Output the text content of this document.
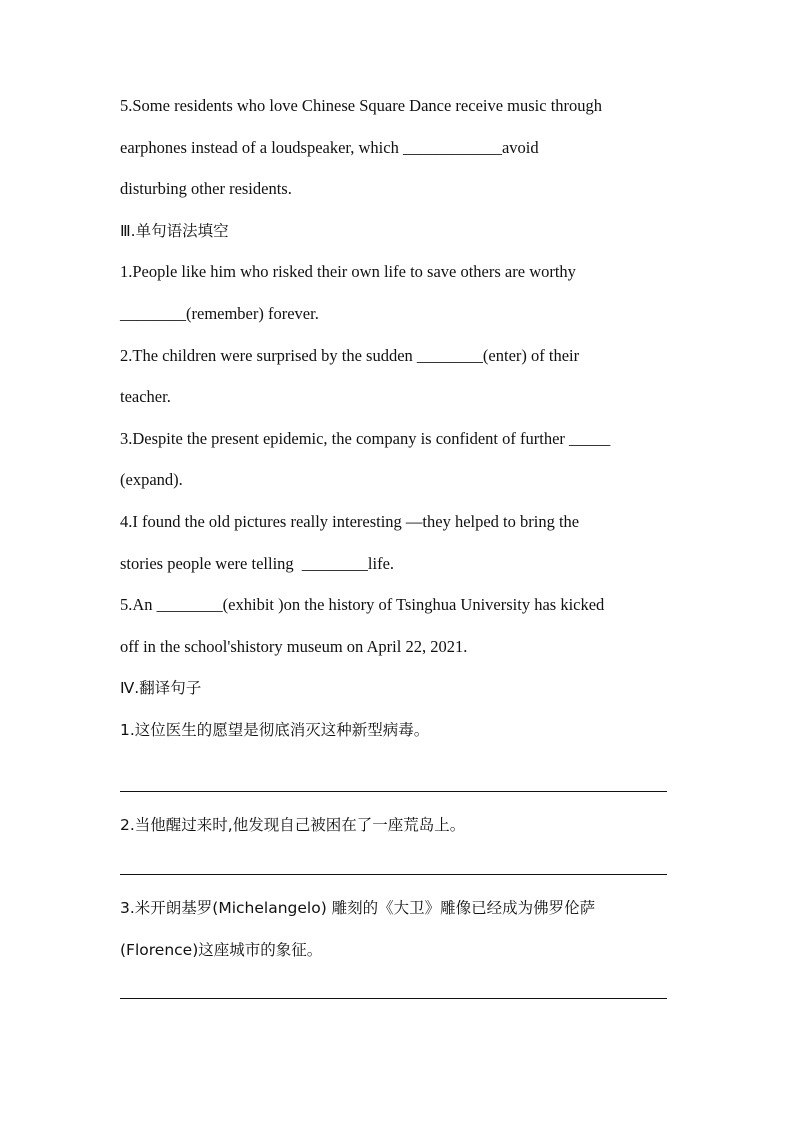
5.Some residents who love Chinese Square Dance receive music through
earphones instead of a loudspeaker, which ____________avoid
disturbing other residents.
Ⅲ.单句语法填空
1.People like him who risked their own life to save others are worthy
________(remember) forever.
2.The children were surprised by the sudden ________(enter) of their
teacher.
3.Despite the present epidemic, the company is confident of further _____
(expand).
4.I found the old pictures really interesting —they helped to bring the
stories people were telling  ________life.
5.An ________(exhibit )on the history of Tsinghua University has kicked
off in the school'shistory museum on April 22, 2021.
Ⅳ.翻译句子
1.这位医生的愿望是彻底消灭这种新型病毒。
2.当他醒过来时,他发现自己被困在了一座荒岛上。
3.米开朗基罗(Michelangelo) 雕刻的《大卫》雕像已经成为佛罗伦萨
(Florence)这座城市的象征。
